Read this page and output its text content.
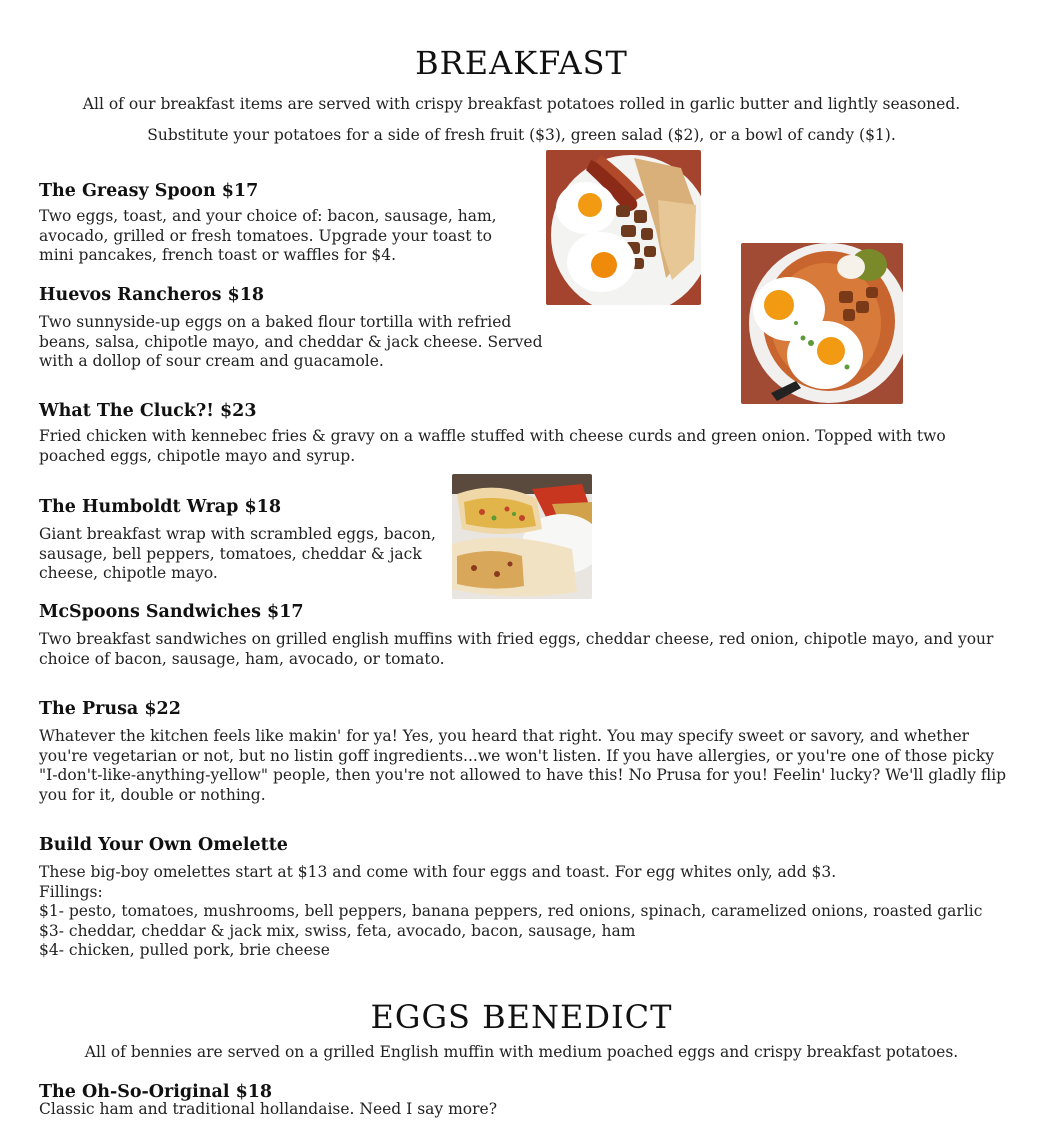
BREAKFAST
All of our breakfast items are served with crispy breakfast potatoes rolled in garlic butter and lightly seasoned.
Substitute your potatoes for a side of fresh fruit ($3), green salad ($2), or a bowl of candy ($1).
The Greasy Spoon $17
Two eggs, toast, and your choice of: bacon, sausage, ham, avocado, grilled or fresh tomatoes. Upgrade your toast to mini pancakes, french toast or waffles for $4.
Huevos Rancheros $18
Two sunnyside-up eggs on a baked flour tortilla with refried beans, salsa, chipotle mayo, and cheddar & jack cheese. Served with a dollop of sour cream and guacamole.
What The Cluck?! $23
Fried chicken with kennebec fries & gravy on a waffle stuffed with cheese curds and green onion. Topped with two poached eggs, chipotle mayo and syrup.
The Humboldt Wrap $18
Giant breakfast wrap with scrambled eggs, bacon, sausage, bell peppers, tomatoes, cheddar & jack cheese, chipotle mayo.
McSpoons Sandwiches $17
Two breakfast sandwiches on grilled english muffins with fried eggs, cheddar cheese, red onion, chipotle mayo, and your choice of bacon, sausage, ham, avocado, or tomato.
The Prusa $22
Whatever the kitchen feels like makin' for ya! Yes, you heard that right. You may specify sweet or savory, and whether you're vegetarian or not, but no listin goff ingredients...we won't listen. If you have allergies, or you're one of those picky "I-don't-like-anything-yellow" people, then you're not allowed to have this! No Prusa for you! Feelin' lucky? We'll gladly flip you for it, double or nothing.
Build Your Own Omelette
These big-boy omelettes start at $13 and come with four eggs and toast. For egg whites only, add $3.
Fillings:
$1- pesto, tomatoes, mushrooms, bell peppers, banana peppers, red onions, spinach, caramelized onions, roasted garlic
$3- cheddar, cheddar & jack mix, swiss, feta, avocado, bacon, sausage, ham
$4- chicken, pulled pork, brie cheese
EGGS BENEDICT
All of bennies are served on a grilled English muffin with medium poached eggs and crispy breakfast potatoes.
The Oh-So-Original $18
Classic ham and traditional hollandaise. Need I say more?
